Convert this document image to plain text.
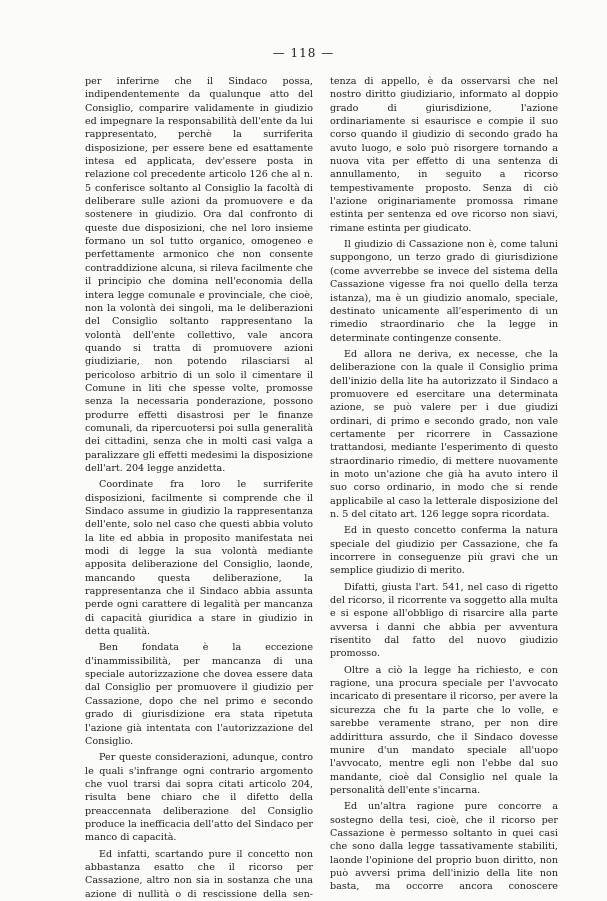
— 118 —

per inferirne che il Sindaco possa, indipendentemente da qualunque atto del Consiglio, comparire validamente in giudizio ed impegnare la responsabilità dell'ente da lui rappresentato, perchè la surriferita disposizione, per essere bene ed esattamente intesa ed applicata, dev'essere posta in relazione col precedente articolo 126 che al n. 5 conferisce soltanto al Consiglio la facoltà di deliberare sulle azioni da promuovere e da sostenere in giudizio. Ora dal confronto di queste due disposizioni, che nel loro insieme formano un sol tutto organico, omogeneo e perfettamente armonico che non consente contraddizione alcuna, si rileva facilmente che il principio che domina nell'economia della intera legge comunale e provinciale, che cioè, non la volontà dei singoli, ma le deliberazioni del Consiglio soltanto rappresentano la volontà dell'ente collettivo, vale ancora quando si tratta di promuovere azioni giudiziarie, non potendo rilasciarsi al pericoloso arbitrio di un solo il cimentare il Comune in liti che spesse volte, promosse senza la necessaria ponderazione, possono produrre effetti disastrosi per le finanze comunali, da ripercuotersi poi sulla generalità dei cittadini, senza che in molti casi valga a paralizzare gli effetti medesimi la disposizione dell'art. 204 legge anzidetta.

Coordinate fra loro le surriferite disposizioni, facilmente si comprende che il Sindaco assume in giudizio la rappresentanza dell'ente, solo nel caso che questi abbia voluto la lite ed abbia in proposito manifestata nei modi di legge la sua volontà mediante apposita deliberazione del Consiglio, laonde, mancando questa deliberazione, la rappresentanza che il Sindaco abbia assunta perde ogni carattere di legalità per mancanza di capacità giuridica a stare in giudizio in detta qualità.

Ben fondata è la eccezione d'inammissibilità, per mancanza di una speciale autorizzazione che dovea essere data dal Consiglio per promuovere il giudizio per Cassazione, dopo che nel primo e secondo grado di giurisdizione era stata ripetuta l'azione già intentata con l'autorizzazione del Consiglio.

Per queste considerazioni, adunque, contro le quali s'infrange ogni contrario argomento che vuol trarsi dai sopra citati articolo 204, risulta bene chiaro che il difetto della preaccennata deliberazione del Consiglio produce la inefficacia dell'atto del Sindaco per manco di capacità.

Ed infatti, scartando pure il concetto non abbastanza esatto che il ricorso per Cassazione, altro non sia in sostanza che una azione di nullità o di rescissione della sen-

tenza di appello, è da osservarsi che nel nostro diritto giudiziario, informato al doppio grado di giurisdizione, l'azione ordinariamente si esaurisce e compie il suo corso quando il giudizio di secondo grado ha avuto luogo, e solo può risorgere tornando a nuova vita per effetto di una sentenza di annullamento, in seguito a ricorso tempestivamente proposto. Senza di ciò l'azione originariamente promossa rimane estinta per sentenza ed ove ricorso non siavi, rimane estinta per giudicato.

Il giudizio di Cassazione non è, come taluni suppongono, un terzo grado di giurisdizione (come avverrebbe se invece del sistema della Cassazione vigesse fra noi quello della terza istanza), ma è un giudizio anomalo, speciale, destinato unicamente all'esperimento di un rimedio straordinario che la legge in determinate contingenze consente.

Ed allora ne deriva, ex necesse, che la deliberazione con la quale il Consiglio prima dell'inizio della lite ha autorizzato il Sindaco a promuovere ed esercitare una determinata azione, se può valere per i due giudizi ordinari, di primo e secondo grado, non vale certamente per ricorrere in Cassazione trattandosi, mediante l'esperimento di questo straordinario rimedio, di mettere nuovamente in moto un'azione che già ha avuto intero il suo corso ordinario, in modo che si rende applicabile al caso la letterale disposizione del n. 5 del citato art. 126 legge sopra ricordata.

Ed in questo concetto conferma la natura speciale del giudizio per Cassazione, che fa incorrere in conseguenze più gravi che un semplice giudizio di merito.

Difatti, giusta l'art. 541, nel caso di rigetto del ricorso, il ricorrente va soggetto alla multa e si espone all'obbligo di risarcire alla parte avversa i danni che abbia per avventura risentito dal fatto del nuovo giudizio promosso.

Oltre a ciò la legge ha richiesto, e con ragione, una procura speciale per l'avvocato incaricato di presentare il ricorso, per avere la sicurezza che fu la parte che lo volle, e sarebbe veramente strano, per non dire addirittura assurdo, che il Sindaco dovesse munire d'un mandato speciale all'uopo l'avvocato, mentre egli non l'ebbe dal suo mandante, cioè dal Consiglio nel quale la personalità dell'ente s'incarna.

Ed un'altra ragione pure concorre a sostegno della tesi, cioè, che il ricorso per Cassazione è permesso soltanto in quei casi che sono dalla legge tassativamente stabiliti, laonde l'opinione del proprio buon diritto, non può avversi prima dell'inizio della lite non basta, ma occorre ancora conoscere
